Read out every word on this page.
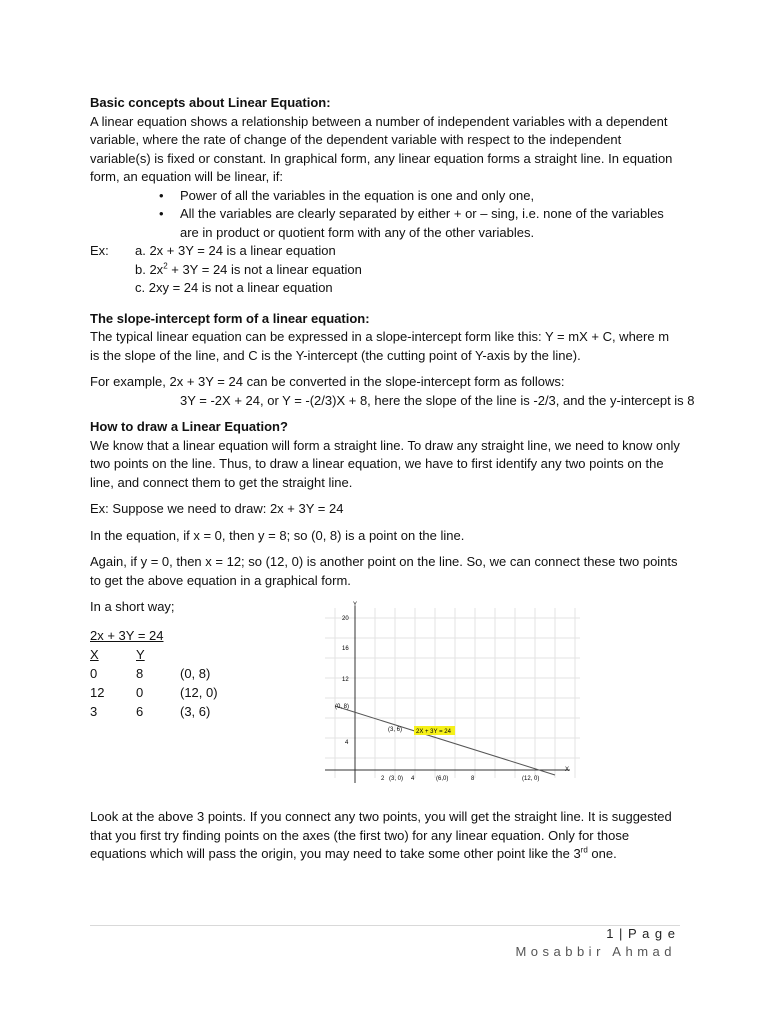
Basic concepts about Linear Equation:

A linear equation shows a relationship between a number of independent variables with a dependent variable, where the rate of change of the dependent variable with respect to the independent variable(s) is fixed or constant. In graphical form, any linear equation forms a straight line. In equation form, an equation will be linear, if:

• Power of all the variables in the equation is one and only one,
• All the variables are clearly separated by either + or – sing, i.e. none of the variables are in product or quotient form with any of the other variables.
Ex:	a. 2x + 3Y = 24 is a linear equation
b. $2x^2 + 3Y = 24$ is not a linear equation
c. 2xy = 24 is not a linear equation

The slope-intercept form of a linear equation:

The typical linear equation can be expressed in a slope-intercept form like this: Y = mX + C, where m is the slope of the line, and C is the Y-intercept (the cutting point of Y-axis by the line).

For example, 2x + 3Y = 24 can be converted in the slope-intercept form as follows:

3Y = -2X + 24, or Y = -(2/3)X + 8, here the slope of the line is -2/3, and the y-intercept is 8

How to draw a Linear Equation?

We know that a linear equation will form a straight line. To draw any straight line, we need to know only two points on the line. Thus, to draw a linear equation, we have to first identify any two points on the line, and connect them to get the straight line.

Ex: Suppose we need to draw: 2x + 3Y = 24

In the equation, if x = 0, then y = 8; so (0, 8) is a point on the line.

Again, if y = 0, then x = 12; so (12, 0) is another point on the line. So, we can connect these two points to get the above equation in a graphical form.

In a short way;
2x + 3Y = 24
X	Y
0	8	(0, 8)
12	0	(12, 0)
3	6	(3, 6)
Y
X
20
16
12
4
2	4	8
2X + 3Y = 24
(0, 8)
(3, 6)
(3, 0)	(6,0)	(12, 0)

Look at the above 3 points. If you connect any two points, you will get the straight line. It is suggested that you first try finding points on the axes (the first two) for any linear equation. Only for those equations which will pass the origin, you may need to take some other point like the 3rd one.

1 | P a g e
Mosabbir Ahmad
